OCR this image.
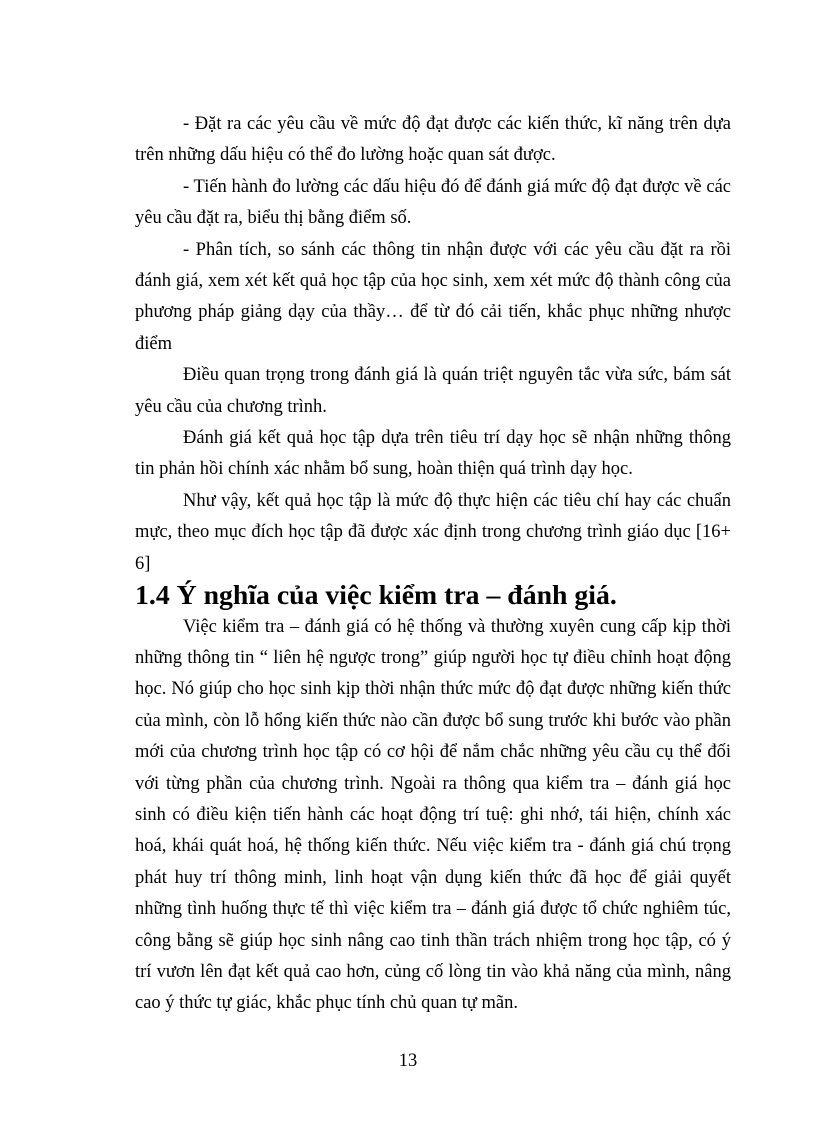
- Đặt ra các yêu cầu về mức độ đạt được các kiến thức, kĩ năng trên dựa trên những dấu hiệu có thể đo lường hoặc quan sát được.

- Tiến hành đo lường các dấu hiệu đó để đánh giá mức độ đạt được về các yêu cầu đặt ra, biểu thị bằng điểm số.

- Phân tích, so sánh các thông tin nhận được với các yêu cầu đặt ra rồi đánh giá, xem xét kết quả học tập của học sinh, xem xét mức độ thành công của phương pháp giảng dạy của thầy… để từ đó cải tiến, khắc phục những nhược điểm

Điều quan trọng trong đánh giá là quán triệt nguyên tắc vừa sức, bám sát yêu cầu của chương trình.

Đánh giá kết quả học tập dựa trên tiêu trí dạy học sẽ nhận những thông tin phản hồi chính xác nhằm bổ sung, hoàn thiện quá trình dạy học.

Như vậy, kết quả học tập là mức độ thực hiện các tiêu chí hay các chuẩn mực, theo mục đích học tập đã được xác định trong chương trình giáo dục [16+ 6]

1.4 Ý nghĩa của việc kiểm tra – đánh giá.

Việc kiểm tra – đánh giá có hệ thống và thường xuyên cung cấp kịp thời những thông tin “ liên hệ ngược trong” giúp người học tự điều chỉnh hoạt động học. Nó giúp cho học sinh kịp thời nhận thức mức độ đạt được những kiến thức của mình, còn lỗ hổng kiến thức nào cần được bổ sung trước khi bước vào phần mới của chương trình học tập có cơ hội để nắm chắc những yêu cầu cụ thể đối với từng phần của chương trình. Ngoài ra thông qua kiểm tra – đánh giá học sinh có điều kiện tiến hành các hoạt động trí tuệ: ghi nhớ, tái hiện, chính xác hoá, khái quát hoá, hệ thống kiến thức. Nếu việc kiểm tra - đánh giá chú trọng phát huy trí thông minh, linh hoạt vận dụng kiến thức đã học để giải quyết những tình huống thực tế thì việc kiểm tra – đánh giá được tổ chức nghiêm túc, công bằng sẽ giúp học sinh nâng cao tinh thần trách nhiệm trong học tập, có ý trí vươn lên đạt kết quả cao hơn, củng cố lòng tin vào khả năng của mình, nâng cao ý thức tự giác, khắc phục tính chủ quan tự mãn.

13
